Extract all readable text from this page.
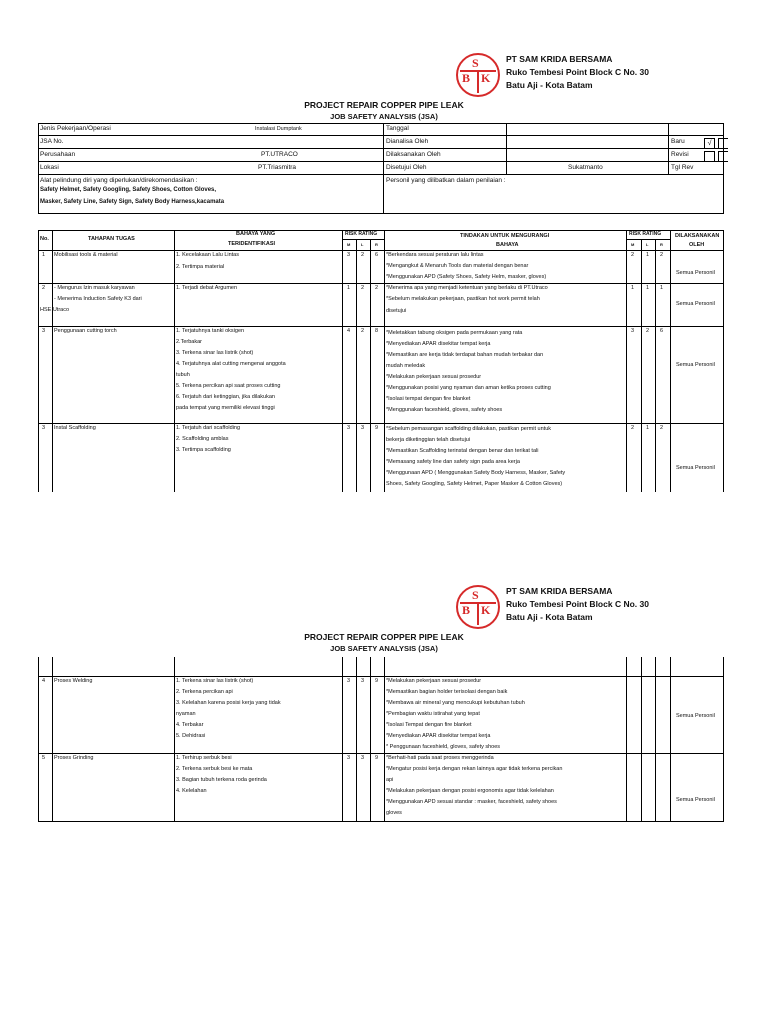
S
B K
PT SAM KRIDA BERSAMA
Ruko Tembesi Point Block C No. 30
Batu Aji - Kota Batam
PROJECT REPAIR COPPER PIPE LEAK
JOB SAFETY ANALYSIS (JSA)
Jenis Pekerjaan/Operasi	Instalasi Dumptank
JSA No.
Perusahaan	PT.UTRACO
Lokasi	PT.Triasmitra
Tanggal
Dianalisa Oleh
Dilaksanakan Oleh
Disetujui Oleh	Sukatmanto
Baru
Revisi
Tgl Rev
Alat pelindung diri yang diperlukan/direkomendasikan :
Safety Helmet, Safety Googling, Safety Shoes, Cotton Gloves,
Masker, Safety Line, Safety Sign, Safety Body Harness,kacamata
Personil yang dilibatkan dalam penilaian :
√
No.	TAHAPAN TUGAS
BAHAYA YANG
TERIDENTIFIKASI
RISK RATING
M	L	R
TINDAKAN UNTUK MENGURANGI
BAHAYA
RISK RATING
M	L	R
DILAKSANAKAN
OLEH
1 Mobilisasi tools & material	1. Kecelakaan Lalu Lintas
2. Tertimpa material
3 2 6 *Berkendara sesuai peraturan lalu lintas
*Mengangkut & Menaruh Tools dan material dengan benar
*Menggunakan APD (Safety Shoes, Safety Helm, masker, gloves)
2 1 2
Semua Personil
2 - Mengurus Izin masuk karyawan
- Menerima Induction Safety K3 dari
HSE Utraco
1. Terjadi debat Argumen	1 2 2 *Menerima apa yang menjadi ketentuan yang berlaku di PT.Utraco
*Sebelum melakukan pekerjaan, pastikan hot work permit telah
disetujui
1 1 1
Semua Personil
3 Penggunaan cutting torch	1. Terjatuhnya tanki oksigen
2.Terbakar
3. Terkena sinar las listrik (shot)
4. Terjatuhnya alat cutting mengenai anggota
tubuh
5. Terkena percikan api saat proses cutting
6. Terjatuh dari ketinggian, jika dilakukan
pada tempat yang memiliki elevasi tinggi
4 2 8 *Meletakkan tabung oksigen pada permukaan yang rata
*Menyediakan APAR disekitar tempat kerja
*Memastikan are kerja tidak terdapat bahan mudah terbakar dan
mudah meledak
*Melakukan pekerjaan sesuai prosedur
*Menggunakan posisi yang nyaman dan aman ketika proses cutting
*Isolasi tempat dengan fire blanket
*Menggunakan faceshield, gloves, safety shoes
3 2 6
Semua Personil
3 Instal Scaffolding	1. Terjatuh dari scaffolding
2. Scaffolding amblas
3. Tertimpa scaffolding
3 3 9 *Sebelum pemasangan scaffolding dilakukan, pastikan permit untuk
bekerja diketinggian telah disetujui
*Memastikan Scaffolding terinstal dengan benar dan terikat tali
*Memasang safety line dan safety sign pada area kerja
*Menggunaan APD ( Menggunakan Safety Body Harness, Masker, Safety
Shoes, Safety Googling, Safety Helmet, Paper Masker & Cotton Gloves)
2 1 2
Semua Personil
S
B K
PT SAM KRIDA BERSAMA
Ruko Tembesi Point Block C No. 30
Batu Aji - Kota Batam
PROJECT REPAIR COPPER PIPE LEAK
JOB SAFETY ANALYSIS (JSA)
4 Proses Welding	1. Terkena sinar las listrik (shot)
2. Terkena percikan api
3. Kelelahan karena posisi kerja yang tidak
nyaman
4. Terbakar
5. Dehidrasi
3 3 9 *Melakukan pekerjaan sesuai prosedur
*Memastikan bagian holder terisolasi dengan baik
*Membawa air mineral yang mencukupi kebutuhan tubuh
*Pembagian waktu istirahat yang tepat
*Isolasi Tempat dengan fire blanket
*Menyediakan APAR disekitar tempat kerja
* Penggunaan faceshield, gloves, safety shoes
Semua Personil
5 Proses Grinding	1. Terhirup serbuk besi
2. Terkena serbuk besi ke mata
3. Bagian tubuh terkena roda gerinda
4. Kelelahan
3 3 9 *Berhati-hati pada saat proses menggerinda
*Mengatur posisi kerja dengan rekan lainnya agar tidak terkena percikan
api
*Melakukan pekerjaan dengan posisi ergonomis agar tidak kelelahan
*Menggunakan APD sesuai standar : masker, faceshield, safety shoes
gloves
Semua Personil
